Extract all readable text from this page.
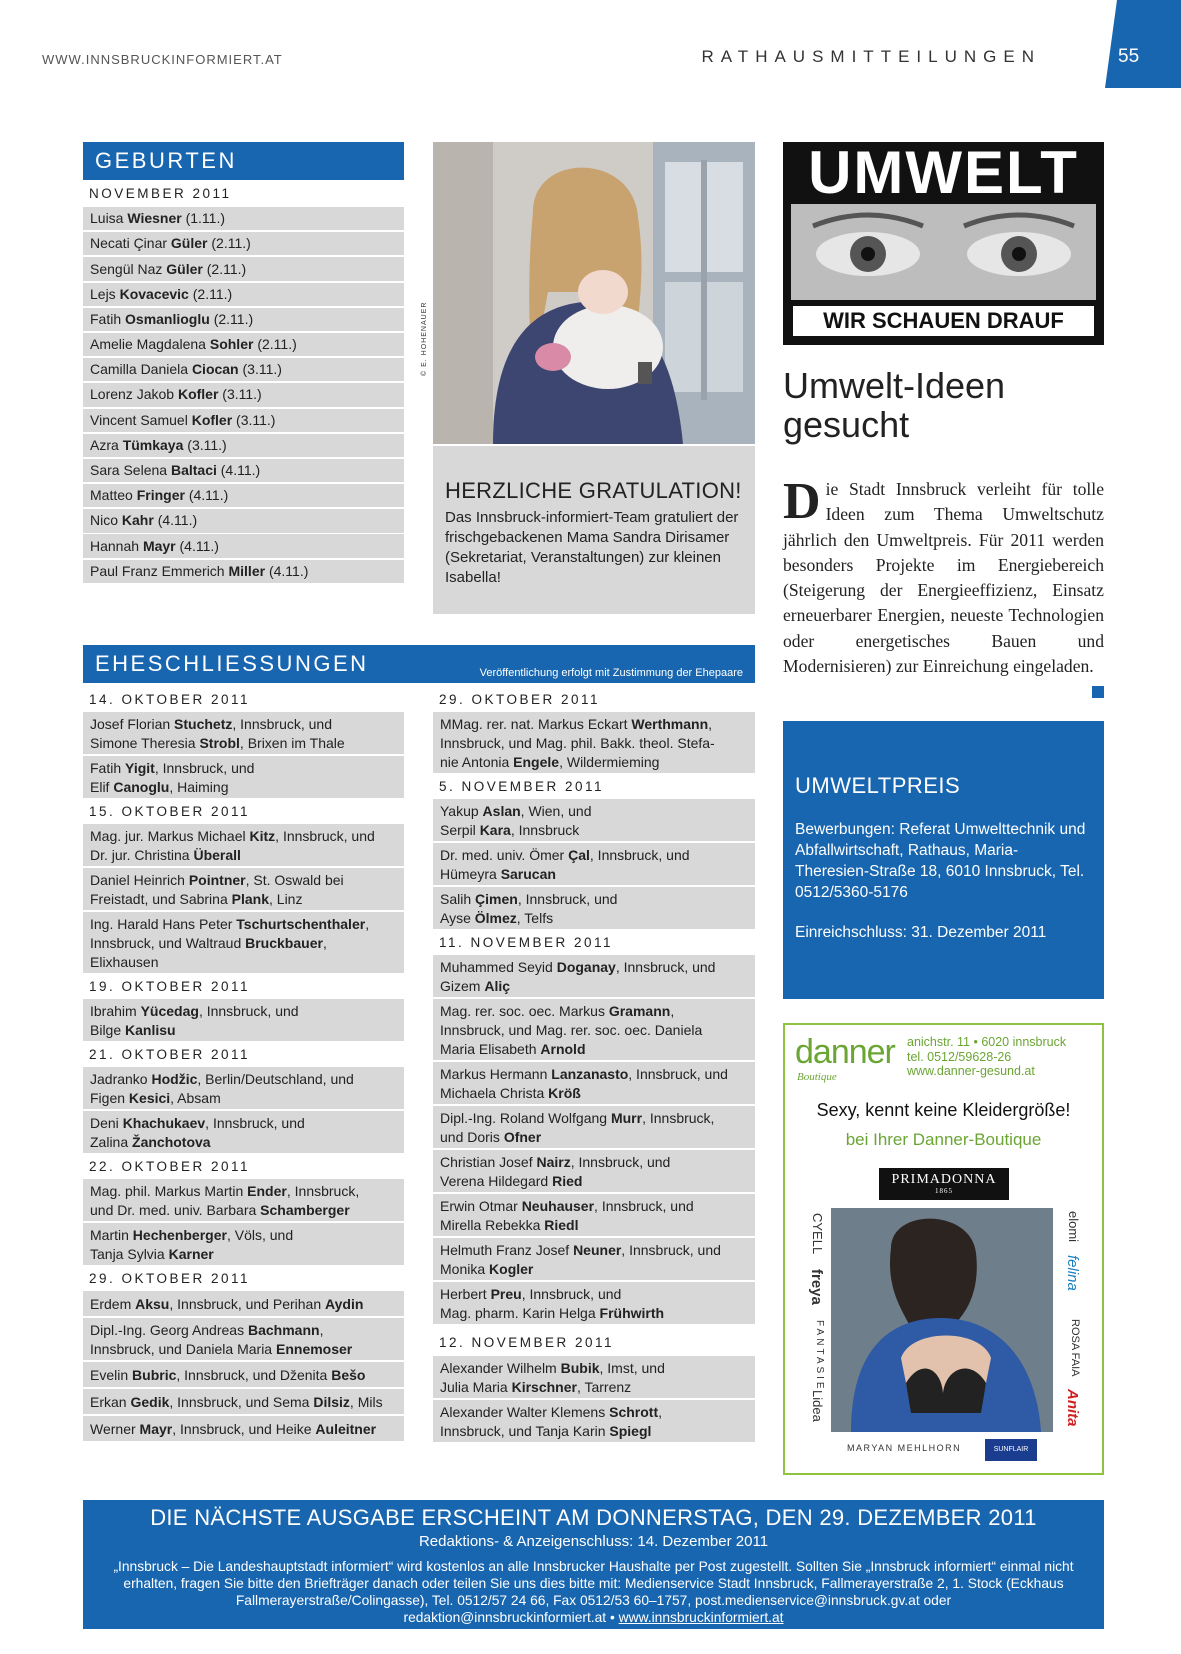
WWW.INNSBRUCKINFORMIERT.AT	RATHAUSMITTEILUNGEN	55
GEBURTEN
NOVEMBER 2011
Luisa Wiesner (1.11.)
Necati Çinar Güler (2.11.)
Sengül Naz Güler (2.11.)
Lejs Kovacevic (2.11.)
Fatih Osmanlioglu (2.11.)
Amelie Magdalena Sohler (2.11.)
Camilla Daniela Ciocan (3.11.)
Lorenz Jakob Kofler (3.11.)
Vincent Samuel Kofler (3.11.)
Azra Tümkaya (3.11.)
Sara Selena Baltaci (4.11.)
Matteo Fringer (4.11.)
Nico Kahr (4.11.)
Hannah Mayr (4.11.)
Paul Franz Emmerich Miller (4.11.)
© E. HOHENAUER
HERZLICHE GRATULATION!
Das Innsbruck-informiert-Team gratuliert der frischgebackenen Mama Sandra Dirisamer (Sekretariat, Veranstaltungen) zur kleinen Isabella!
UMWELT
WIR SCHAUEN DRAUF
Umwelt-Ideen
gesucht
Die Stadt Innsbruck verleiht für tolle Ideen zum Thema Umweltschutz jährlich den Umweltpreis. Für 2011 werden besonders Projekte im Energiebereich (Steigerung der Energieeffizienz, Einsatz erneuerbarer Energien, neueste Technologien oder energetisches Bauen und Modernisieren) zur Einreichung eingeladen.
UMWELTPREIS
Bewerbungen: Referat Umwelttechnik und Abfallwirtschaft, Rathaus, Maria-Theresien-Straße 18, 6010 Innsbruck, Tel. 0512/5360-5176
Einreichschluss: 31. Dezember 2011
EHESCHLIESSUNGEN	Veröffentlichung erfolgt mit Zustimmung der Ehepaare
14. OKTOBER 2011
Josef Florian Stuchetz, Innsbruck, und
Simone Theresia Strobl, Brixen im Thale
Fatih Yigit, Innsbruck, und
Elif Canoglu, Haiming
15. OKTOBER 2011
Mag. jur. Markus Michael Kitz, Innsbruck, und
Dr. jur. Christina Überall
Daniel Heinrich Pointner, St. Oswald bei
Freistadt, und Sabrina Plank, Linz
Ing. Harald Hans Peter Tschurtschenthaler,
Innsbruck, und Waltraud Bruckbauer,
Elixhausen
19. OKTOBER 2011
Ibrahim Yücedag, Innsbruck, und
Bilge Kanlisu
21. OKTOBER 2011
Jadranko Hodžic, Berlin/Deutschland, und
Figen Kesici, Absam
Deni Khachukaev, Innsbruck, und
Zalina Žanchotova
22. OKTOBER 2011
Mag. phil. Markus Martin Ender, Innsbruck,
und Dr. med. univ. Barbara Schamberger
Martin Hechenberger, Völs, und
Tanja Sylvia Karner
29. OKTOBER 2011
Erdem Aksu, Innsbruck, und Perihan Aydin
Dipl.-Ing. Georg Andreas Bachmann,
Innsbruck, und Daniela Maria Ennemoser
Evelin Bubric, Innsbruck, und Dženita Bešo
Erkan Gedik, Innsbruck, und Sema Dilsiz, Mils
Werner Mayr, Innsbruck, und Heike Auleitner
29. OKTOBER 2011
MMag. rer. nat. Markus Eckart Werthmann,
Innsbruck, und Mag. phil. Bakk. theol. Stefa-
nie Antonia Engele, Wildermieming
5. NOVEMBER 2011
Yakup Aslan, Wien, und
Serpil Kara, Innsbruck
Dr. med. univ. Ömer Çal, Innsbruck, und
Hümeyra Sarucan
Salih Çimen, Innsbruck, und
Ayse Ölmez, Telfs
11. NOVEMBER 2011
Muhammed Seyid Doganay, Innsbruck, und
Gizem Aliç
Mag. rer. soc. oec. Markus Gramann,
Innsbruck, und Mag. rer. soc. oec. Daniela
Maria Elisabeth Arnold
Markus Hermann Lanzanasto, Innsbruck, und
Michaela Christa Kröß
Dipl.-Ing. Roland Wolfgang Murr, Innsbruck,
und Doris Ofner
Christian Josef Nairz, Innsbruck, und
Verena Hildegard Ried
Erwin Otmar Neuhauser, Innsbruck, und
Mirella Rebekka Riedl
Helmuth Franz Josef Neuner, Innsbruck, und
Monika Kogler
Herbert Preu, Innsbruck, und
Mag. pharm. Karin Helga Frühwirth
12. NOVEMBER 2011
Alexander Wilhelm Bubik, Imst, und
Julia Maria Kirschner, Tarrenz
Alexander Walter Klemens Schrott,
Innsbruck, und Tanja Karin Spiegl
danner
Boutique
anichstr. 11 • 6020 innsbruck
tel. 0512/59628-26
www.danner-gesund.at
Sexy, kennt keine Kleidergröße!
bei Ihrer Danner-Boutique
PRIMADONNA
1865
CYELL
freya
FANTASIE
Lidea
elomi
felina
ROSA FAIA
Anita
MARYAN MEHLHORN	SUNFLAIR
DIE NÄCHSTE AUSGABE ERSCHEINT AM DONNERSTAG, DEN 29. DEZEMBER 2011
Redaktions- & Anzeigenschluss: 14. Dezember 2011
„Innsbruck – Die Landeshauptstadt informiert“ wird kostenlos an alle Innsbrucker Haushalte per Post zugestellt. Sollten Sie „Innsbruck informiert“ einmal nicht erhalten, fragen Sie bitte den Briefträger danach oder teilen Sie uns dies bitte mit: Medienservice Stadt Innsbruck, Fallmerayerstraße 2, 1. Stock (Eckhaus Fallmerayerstraße/Colingasse), Tel. 0512/57 24 66, Fax 0512/53 60–1757, post.medienservice@innsbruck.gv.at oder
redaktion@innsbruckinformiert.at • www.innsbruckinformiert.at
